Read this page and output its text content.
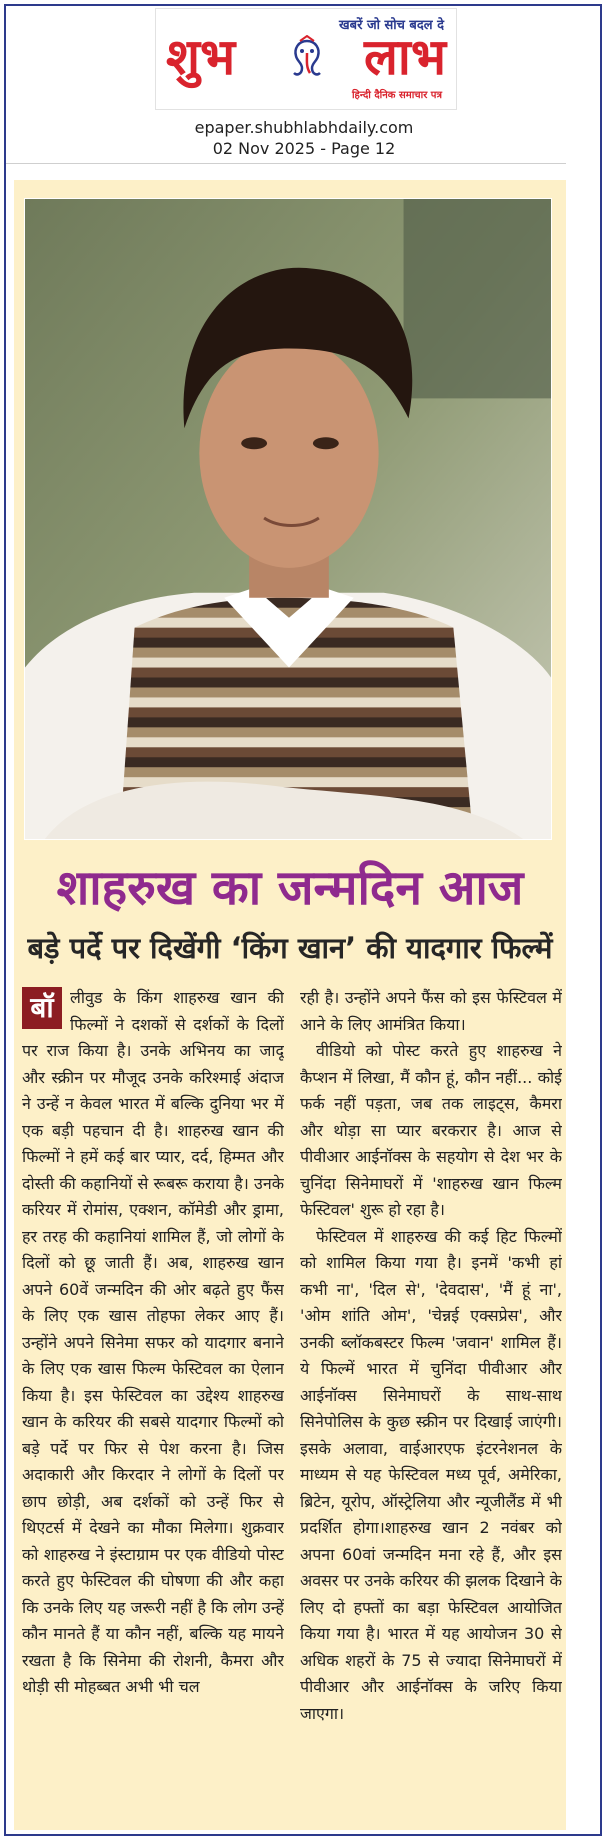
खबरें जो सोच बदल दे
शुभ	लाभ
हिन्दी दैनिक समाचार पत्र
epaper.shubhlabhdaily.com
02 Nov 2025 - Page 12
शाहरुख का जन्मदिन आज
बड़े पर्दे पर दिखेंगी ‘किंग खान’ की यादगार फिल्में

बॉ	लीवुड के किंग शाहरुख खान की फिल्मों ने दशकों से दर्शकों के दिलों पर राज किया है। उनके अभिनय का जादू और स्क्रीन पर मौजूद उनके करिश्माई अंदाज ने उन्हें न केवल भारत में बल्कि दुनिया भर में एक बड़ी पहचान दी है। शाहरुख खान की फिल्मों ने हमें कई बार प्यार, दर्द, हिम्मत और दोस्ती की कहानियों से रूबरू कराया है। उनके करियर में रोमांस, एक्शन, कॉमेडी और ड्रामा, हर तरह की कहानियां शामिल हैं, जो लोगों के दिलों को छू जाती हैं। अब, शाहरुख खान अपने 60वें जन्मदिन की ओर बढ़ते हुए फैंस के लिए एक खास तोहफा लेकर आए हैं। उन्होंने अपने सिनेमा सफर को यादगार बनाने के लिए एक खास फिल्म फेस्टिवल का ऐलान किया है। इस फेस्टिवल का उद्देश्य शाहरुख खान के करियर की सबसे यादगार फिल्मों को बड़े पर्दे पर फिर से पेश करना है। जिस अदाकारी और किरदार ने लोगों के दिलों पर छाप छोड़ी, अब दर्शकों को उन्हें फिर से थिएटर्स में देखने का मौका मिलेगा। शुक्रवार को शाहरुख ने इंस्टाग्राम पर एक वीडियो पोस्ट करते हुए फेस्टिवल की घोषणा की और कहा कि उनके लिए यह जरूरी नहीं है कि लोग उन्हें कौन मानते हैं या कौन नहीं, बल्कि यह मायने रखता है कि सिनेमा की रोशनी, कैमरा और थोड़ी सी मोहब्बत अभी भी चल

रही है। उन्होंने अपने फैंस को इस फेस्टिवल में आने के लिए आमंत्रित किया।

वीडियो को पोस्ट करते हुए शाहरुख ने कैप्शन में लिखा, मैं कौन हूं, कौन नहीं... कोई फर्क नहीं पड़ता, जब तक लाइट्स, कैमरा और थोड़ा सा प्यार बरकरार है। आज से पीवीआर आईनॉक्स के सहयोग से देश भर के चुनिंदा सिनेमाघरों में 'शाहरुख खान फिल्म फेस्टिवल' शुरू हो रहा है।

फेस्टिवल में शाहरुख की कई हिट फिल्मों को शामिल किया गया है। इनमें 'कभी हां कभी ना', 'दिल से', 'देवदास', 'मैं हूं ना', 'ओम शांति ओम', 'चेन्नई एक्सप्रेस', और उनकी ब्लॉकबस्टर फिल्म 'जवान' शामिल हैं। ये फिल्में भारत में चुनिंदा पीवीआर और आईनॉक्स सिनेमाघरों के साथ-साथ सिनेपोलिस के कुछ स्क्रीन पर दिखाई जाएंगी। इसके अलावा, वाईआरएफ इंटरनेशनल के माध्यम से यह फेस्टिवल मध्य पूर्व, अमेरिका, ब्रिटेन, यूरोप, ऑस्ट्रेलिया और न्यूजीलैंड में भी प्रदर्शित होगा।शाहरुख खान 2 नवंबर को अपना 60वां जन्मदिन मना रहे हैं, और इस अवसर पर उनके करियर की झलक दिखाने के लिए दो हफ्तों का बड़ा फेस्टिवल आयोजित किया गया है। भारत में यह आयोजन 30 से अधिक शहरों के 75 से ज्यादा सिनेमाघरों में पीवीआर और आईनॉक्स के जरिए किया जाएगा।
